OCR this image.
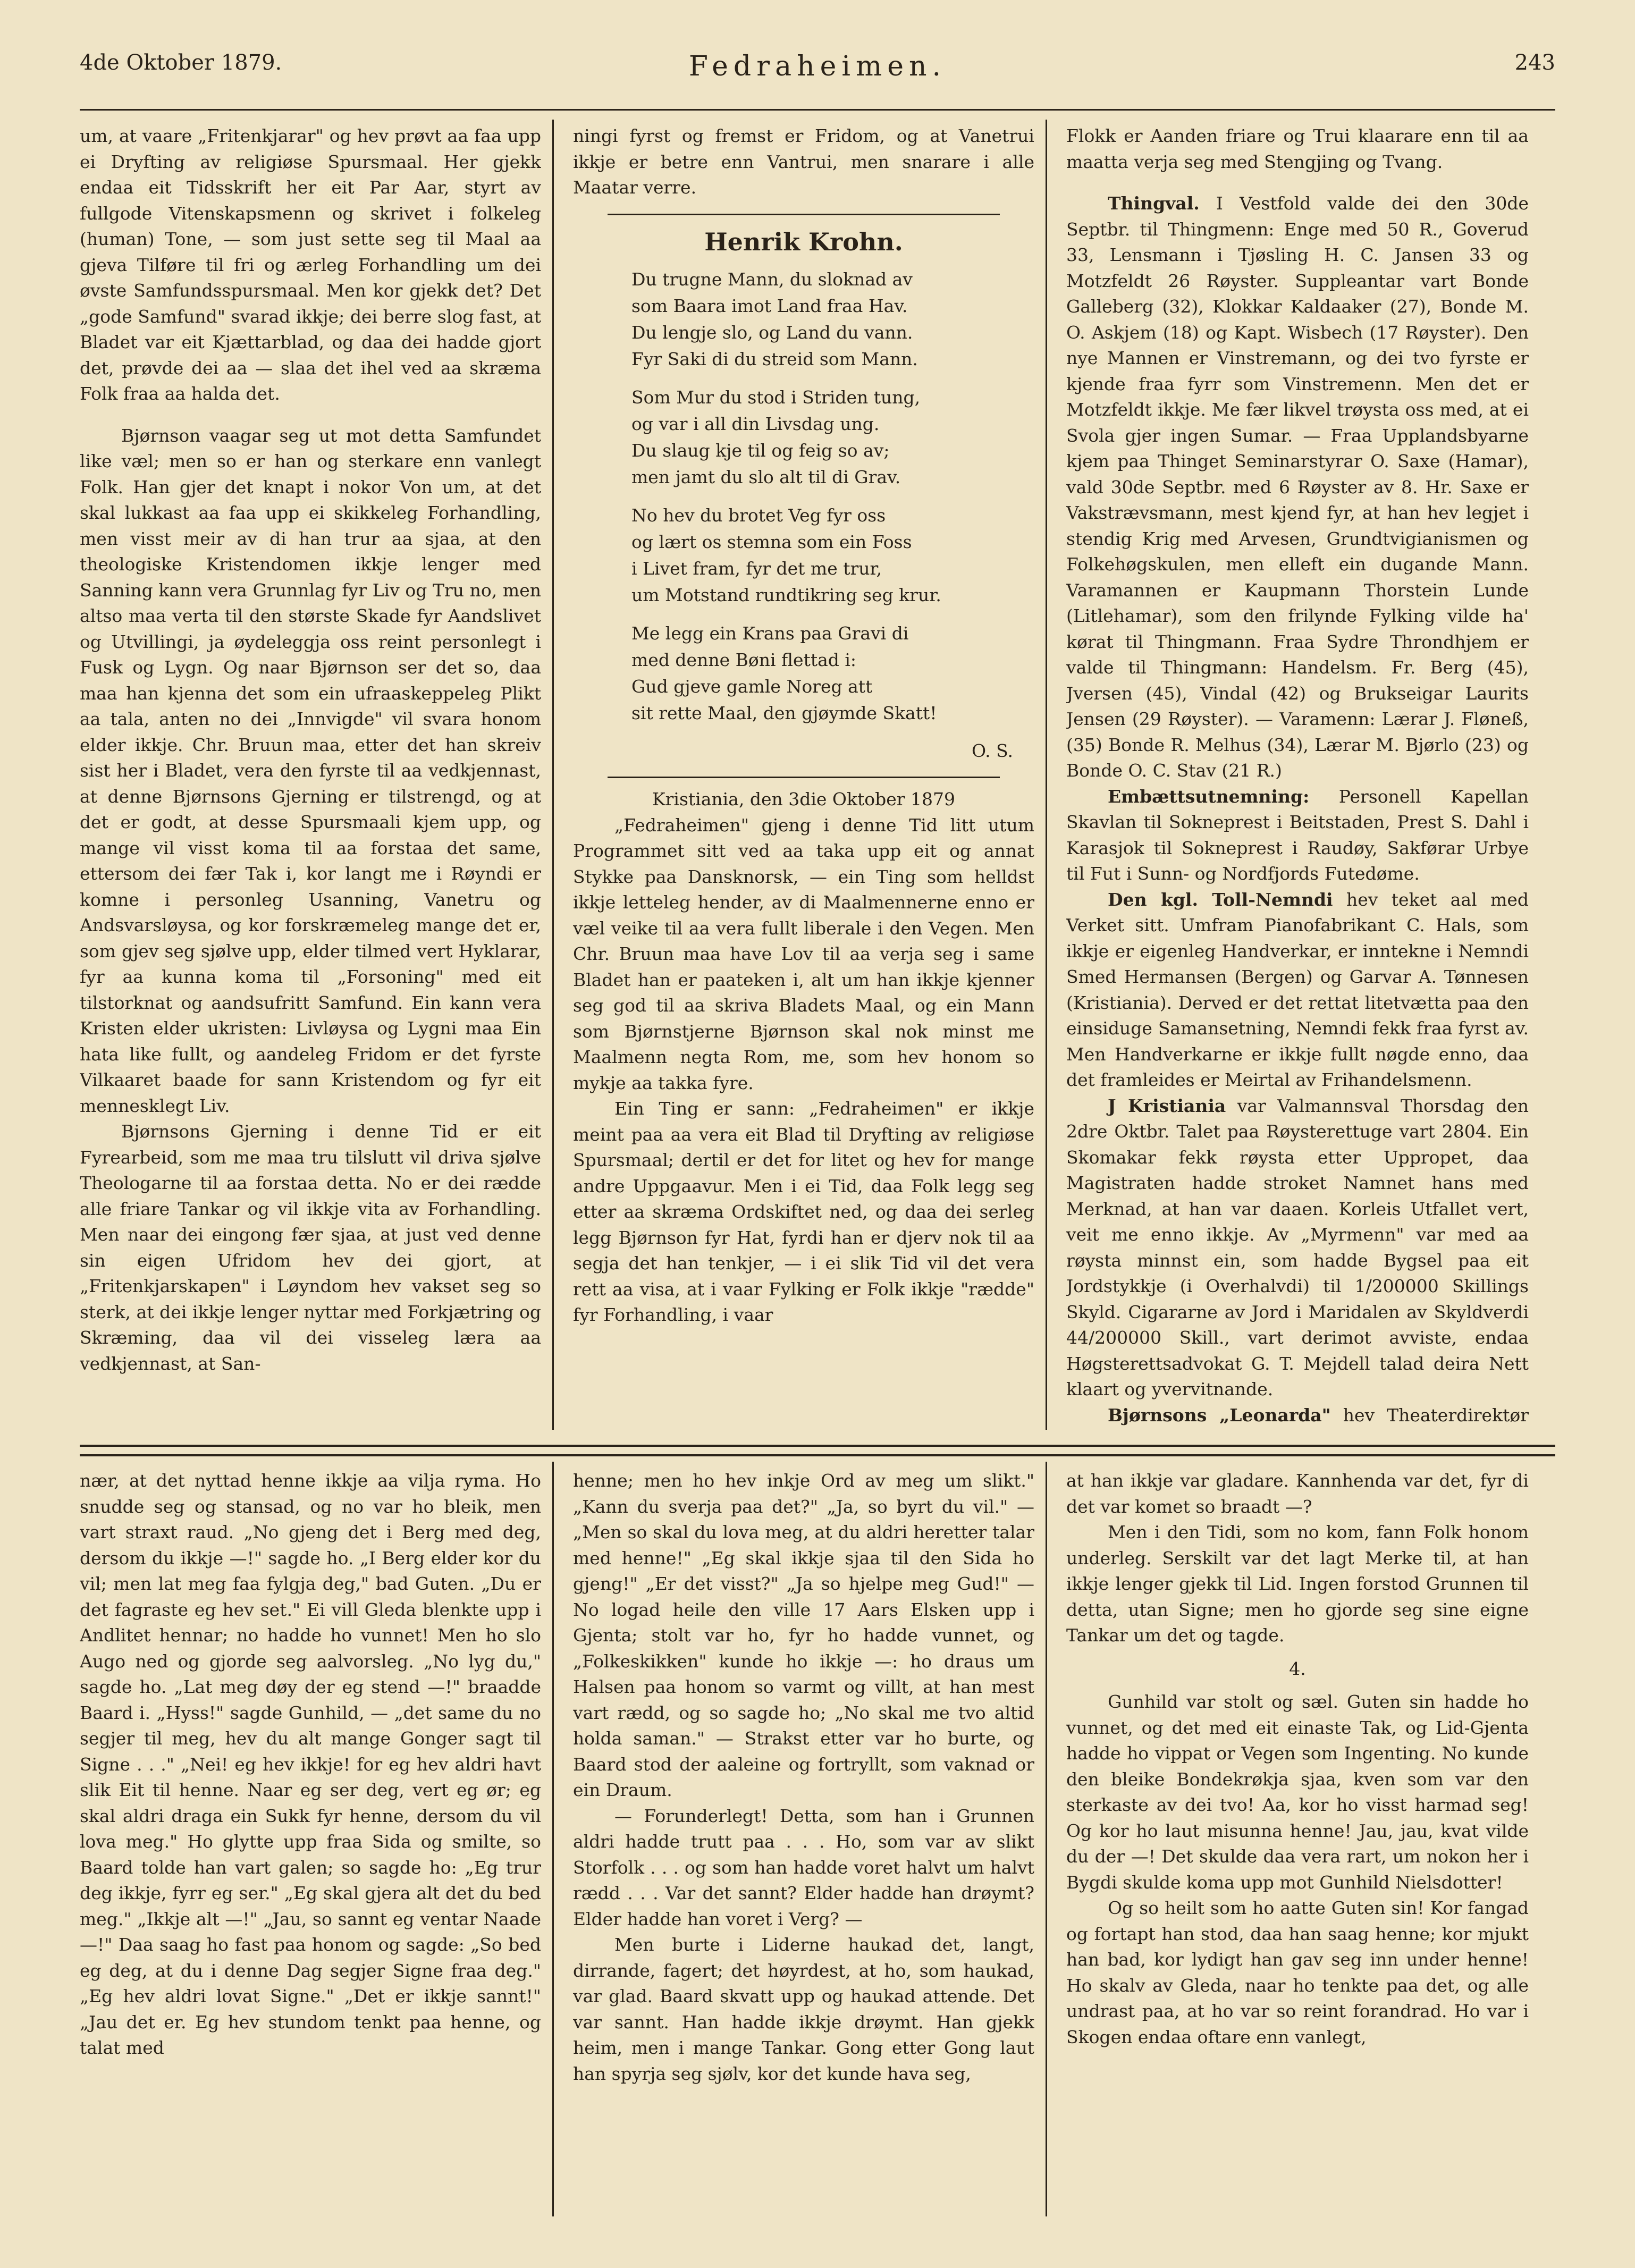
4de Oktober 1879.	Fedraheimen.	243

um, at vaare „Fritenkjarar" og hev prøvt aa faa upp ei Dryfting av religiøse Spursmaal. Her gjekk endaa eit Tidsskrift her eit Par Aar, styrt av fullgode Vitenskapsmenn og skrivet i folkeleg (human) Tone, — som just sette seg til Maal aa gjeva Tilføre til fri og ærleg Forhandling um dei øvste Samfundsspursmaal. Men kor gjekk det? Det „gode Samfund" svarad ikkje; dei berre slog fast, at Bladet var eit Kjættarblad, og daa dei hadde gjort det, prøvde dei aa — slaa det ihel ved aa skræma Folk fraa aa halda det.

Bjørnson vaagar seg ut mot detta Samfundet like væl; men so er han og sterkare enn vanlegt Folk. Han gjer det knapt i nokor Von um, at det skal lukkast aa faa upp ei skikkeleg Forhandling, men visst meir av di han trur aa sjaa, at den theologiske Kristendomen ikkje lenger med Sanning kann vera Grunnlag fyr Liv og Tru no, men altso maa verta til den største Skade fyr Aandslivet og Utvillingi, ja øydeleggja oss reint personlegt i Fusk og Lygn. Og naar Bjørnson ser det so, daa maa han kjenna det som ein ufraaskeppeleg Plikt aa tala, anten no dei „Innvigde" vil svara honom elder ikkje. Chr. Bruun maa, etter det han skreiv sist her i Bladet, vera den fyrste til aa vedkjennast, at denne Bjørnsons Gjerning er tilstrengd, og at det er godt, at desse Spursmaali kjem upp, og mange vil visst koma til aa forstaa det same, ettersom dei fær Tak i, kor langt me i Røyndi er komne i personleg Usanning, Vanetru og Andsvarsløysa, og kor forskræmeleg mange det er, som gjev seg sjølve upp, elder tilmed vert Hyklarar, fyr aa kunna koma til „Forsoning" med eit tilstorknat og aandsufritt Samfund. Ein kann vera Kristen elder ukristen: Livløysa og Lygni maa Ein hata like fullt, og aandeleg Fridom er det fyrste Vilkaaret baade for sann Kristendom og fyr eit mennesklegt Liv.

Bjørnsons Gjerning i denne Tid er eit Fyrearbeid, som me maa tru tilslutt vil driva sjølve Theologarne til aa forstaa detta. No er dei rædde alle friare Tankar og vil ikkje vita av Forhandling. Men naar dei eingong fær sjaa, at just ved denne sin eigen Ufridom hev dei gjort, at „Fritenkjarskapen" i Løyndom hev vakset seg so sterk, at dei ikkje lenger nyttar med Forkjætring og Skræming, daa vil dei visseleg læra aa vedkjennast, at San-

ningi fyrst og fremst er Fridom, og at Vanetrui ikkje er betre enn Vantrui, men snarare i alle Maatar verre.

Henrik Krohn.
Du trugne Mann, du sloknad av
som Baara imot Land fraa Hav.
Du lengje slo, og Land du vann.
Fyr Saki di du streid som Mann.
Som Mur du stod i Striden tung,
og var i all din Livsdag ung.
Du slaug kje til og feig so av;
men jamt du slo alt til di Grav.
No hev du brotet Veg fyr oss
og lært os stemna som ein Foss
i Livet fram, fyr det me trur,
um Motstand rundtikring seg krur.
Me legg ein Krans paa Gravi di
med denne Bøni flettad i:
Gud gjeve gamle Noreg att
sit rette Maal, den gjøymde Skatt!
O. S.
Kristiania, den 3die Oktober 1879

„Fedraheimen" gjeng i denne Tid litt utum Programmet sitt ved aa taka upp eit og annat Stykke paa Dansknorsk, — ein Ting som helldst ikkje letteleg hender, av di Maalmennerne enno er væl veike til aa vera fullt liberale i den Vegen. Men Chr. Bruun maa have Lov til aa verja seg i same Bladet han er paateken i, alt um han ikkje kjenner seg god til aa skriva Bladets Maal, og ein Mann som Bjørnstjerne Bjørnson skal nok minst me Maalmenn negta Rom, me, som hev honom so mykje aa takka fyre.

Ein Ting er sann: „Fedraheimen" er ikkje meint paa aa vera eit Blad til Dryfting av religiøse Spursmaal; dertil er det for litet og hev for mange andre Uppgaavur. Men i ei Tid, daa Folk legg seg etter aa skræma Ordskiftet ned, og daa dei serleg legg Bjørnson fyr Hat, fyrdi han er djerv nok til aa segja det han tenkjer, — i ei slik Tid vil det vera rett aa visa, at i vaar Fylking er Folk ikkje "rædde" fyr Forhandling, i vaar

Flokk er Aanden friare og Trui klaarare enn til aa maatta verja seg med Stengjing og Tvang.

Thingval. I Vestfold valde dei den 30de Septbr. til Thingmenn: Enge med 50 R., Goverud 33, Lensmann i Tjøsling H. C. Jansen 33 og Motzfeldt 26 Røyster. Suppleantar vart Bonde Galleberg (32), Klokkar Kaldaaker (27), Bonde M. O. Askjem (18) og Kapt. Wisbech (17 Røyster). Den nye Mannen er Vinstremann, og dei tvo fyrste er kjende fraa fyrr som Vinstremenn. Men det er Motzfeldt ikkje. Me fær likvel trøysta oss med, at ei Svola gjer ingen Sumar. — Fraa Upplandsbyarne kjem paa Thinget Seminarstyrar O. Saxe (Hamar), vald 30de Septbr. med 6 Røyster av 8. Hr. Saxe er Vakstrævsmann, mest kjend fyr, at han hev legjet i stendig Krig med Arvesen, Grundtvigianismen og Folkehøgskulen, men elleft ein dugande Mann. Varamannen er Kaupmann Thorstein Lunde (Litlehamar), som den frilynde Fylking vilde ha' kørat til Thingmann. Fraa Sydre Throndhjem er valde til Thingmann: Handelsm. Fr. Berg (45), Jversen (45), Vindal (42) og Brukseigar Laurits Jensen (29 Røyster). — Varamenn: Lærar J. Fløneß, (35) Bonde R. Melhus (34), Lærar M. Bjørlo (23) og Bonde O. C. Stav (21 R.)

Embættsutnemning: Personell Kapellan Skavlan til Sokneprest i Beitstaden, Prest S. Dahl i Karasjok til Sokneprest i Raudøy, Sakførar Urbye til Fut i Sunn- og Nordfjords Futedøme.

Den kgl. Toll-Nemndi hev teket aal med Verket sitt. Umfram Pianofabrikant C. Hals, som ikkje er eigenleg Handverkar, er inntekne i Nemndi Smed Hermansen (Bergen) og Garvar A. Tønnesen (Kristiania). Derved er det rettat litetvætta paa den einsiduge Samansetning, Nemndi fekk fraa fyrst av. Men Handverkarne er ikkje fullt nøgde enno, daa det framleides er Meirtal av Frihandelsmenn.

J Kristiania var Valmannsval Thorsdag den 2dre Oktbr. Talet paa Røysterettuge vart 2804. Ein Skomakar fekk røysta etter Uppropet, daa Magistraten hadde stroket Namnet hans med Merknad, at han var daaen. Korleis Utfallet vert, veit me enno ikkje. Av „Myrmenn" var med aa røysta minnst ein, som hadde Bygsel paa eit Jordstykkje (i Overhalvdi) til 1/200000 Skillings Skyld. Cigararne av Jord i Maridalen av Skyldverdi 44/200000 Skill., vart derimot avviste, endaa Høgsterettsadvokat G. T. Mejdell talad deira Nett klaart og yvervitnande.

Bjørnsons „Leonarda" hev Theaterdirektør

nær, at det nyttad henne ikkje aa vilja ryma. Ho snudde seg og stansad, og no var ho bleik, men vart straxt raud. „No gjeng det i Berg med deg, dersom du ikkje —!" sagde ho. „I Berg elder kor du vil; men lat meg faa fylgja deg," bad Guten. „Du er det fagraste eg hev set." Ei vill Gleda blenkte upp i Andlitet hennar; no hadde ho vunnet! Men ho slo Augo ned og gjorde seg aalvorsleg. „No lyg du," sagde ho. „Lat meg døy der eg stend —!" braadde Baard i. „Hyss!" sagde Gunhild, — „det same du no segjer til meg, hev du alt mange Gonger sagt til Signe . . ." „Nei! eg hev ikkje! for eg hev aldri havt slik Eit til henne. Naar eg ser deg, vert eg ør; eg skal aldri draga ein Sukk fyr henne, dersom du vil lova meg." Ho glytte upp fraa Sida og smilte, so Baard tolde han vart galen; so sagde ho: „Eg trur deg ikkje, fyrr eg ser." „Eg skal gjera alt det du bed meg." „Ikkje alt —!" „Jau, so sannt eg ventar Naade —!" Daa saag ho fast paa honom og sagde: „So bed eg deg, at du i denne Dag segjer Signe fraa deg." „Eg hev aldri lovat Signe." „Det er ikkje sannt!" „Jau det er. Eg hev stundom tenkt paa henne, og talat med

henne; men ho hev inkje Ord av meg um slikt." „Kann du sverja paa det?" „Ja, so byrt du vil." — „Men so skal du lova meg, at du aldri heretter talar med henne!" „Eg skal ikkje sjaa til den Sida ho gjeng!" „Er det visst?" „Ja so hjelpe meg Gud!" — No logad heile den ville 17 Aars Elsken upp i Gjenta; stolt var ho, fyr ho hadde vunnet, og „Folkeskikken" kunde ho ikkje —: ho draus um Halsen paa honom so varmt og villt, at han mest vart rædd, og so sagde ho; „No skal me tvo altid holda saman." — Strakst etter var ho burte, og Baard stod der aaleine og fortryllt, som vaknad or ein Draum.

— Forunderlegt! Detta, som han i Grunnen aldri hadde trutt paa . . . Ho, som var av slikt Storfolk . . . og som han hadde voret halvt um halvt rædd . . . Var det sannt? Elder hadde han drøymt? Elder hadde han voret i Verg? —

Men burte i Liderne haukad det, langt, dirrande, fagert; det høyrdest, at ho, som haukad, var glad. Baard skvatt upp og haukad attende. Det var sannt. Han hadde ikkje drøymt. Han gjekk heim, men i mange Tankar. Gong etter Gong laut han spyrja seg sjølv, kor det kunde hava seg,

at han ikkje var gladare. Kannhenda var det, fyr di det var komet so braadt —?

Men i den Tidi, som no kom, fann Folk honom underleg. Serskilt var det lagt Merke til, at han ikkje lenger gjekk til Lid. Ingen forstod Grunnen til detta, utan Signe; men ho gjorde seg sine eigne Tankar um det og tagde.

4.

Gunhild var stolt og sæl. Guten sin hadde ho vunnet, og det med eit einaste Tak, og Lid-Gjenta hadde ho vippat or Vegen som Ingenting. No kunde den bleike Bondekrøkja sjaa, kven som var den sterkaste av dei tvo! Aa, kor ho visst harmad seg! Og kor ho laut misunna henne! Jau, jau, kvat vilde du der —! Det skulde daa vera rart, um nokon her i Bygdi skulde koma upp mot Gunhild Nielsdotter!

Og so heilt som ho aatte Guten sin! Kor fangad og fortapt han stod, daa han saag henne; kor mjukt han bad, kor lydigt han gav seg inn under henne! Ho skalv av Gleda, naar ho tenkte paa det, og alle undrast paa, at ho var so reint forandrad. Ho var i Skogen endaa oftare enn vanlegt,
